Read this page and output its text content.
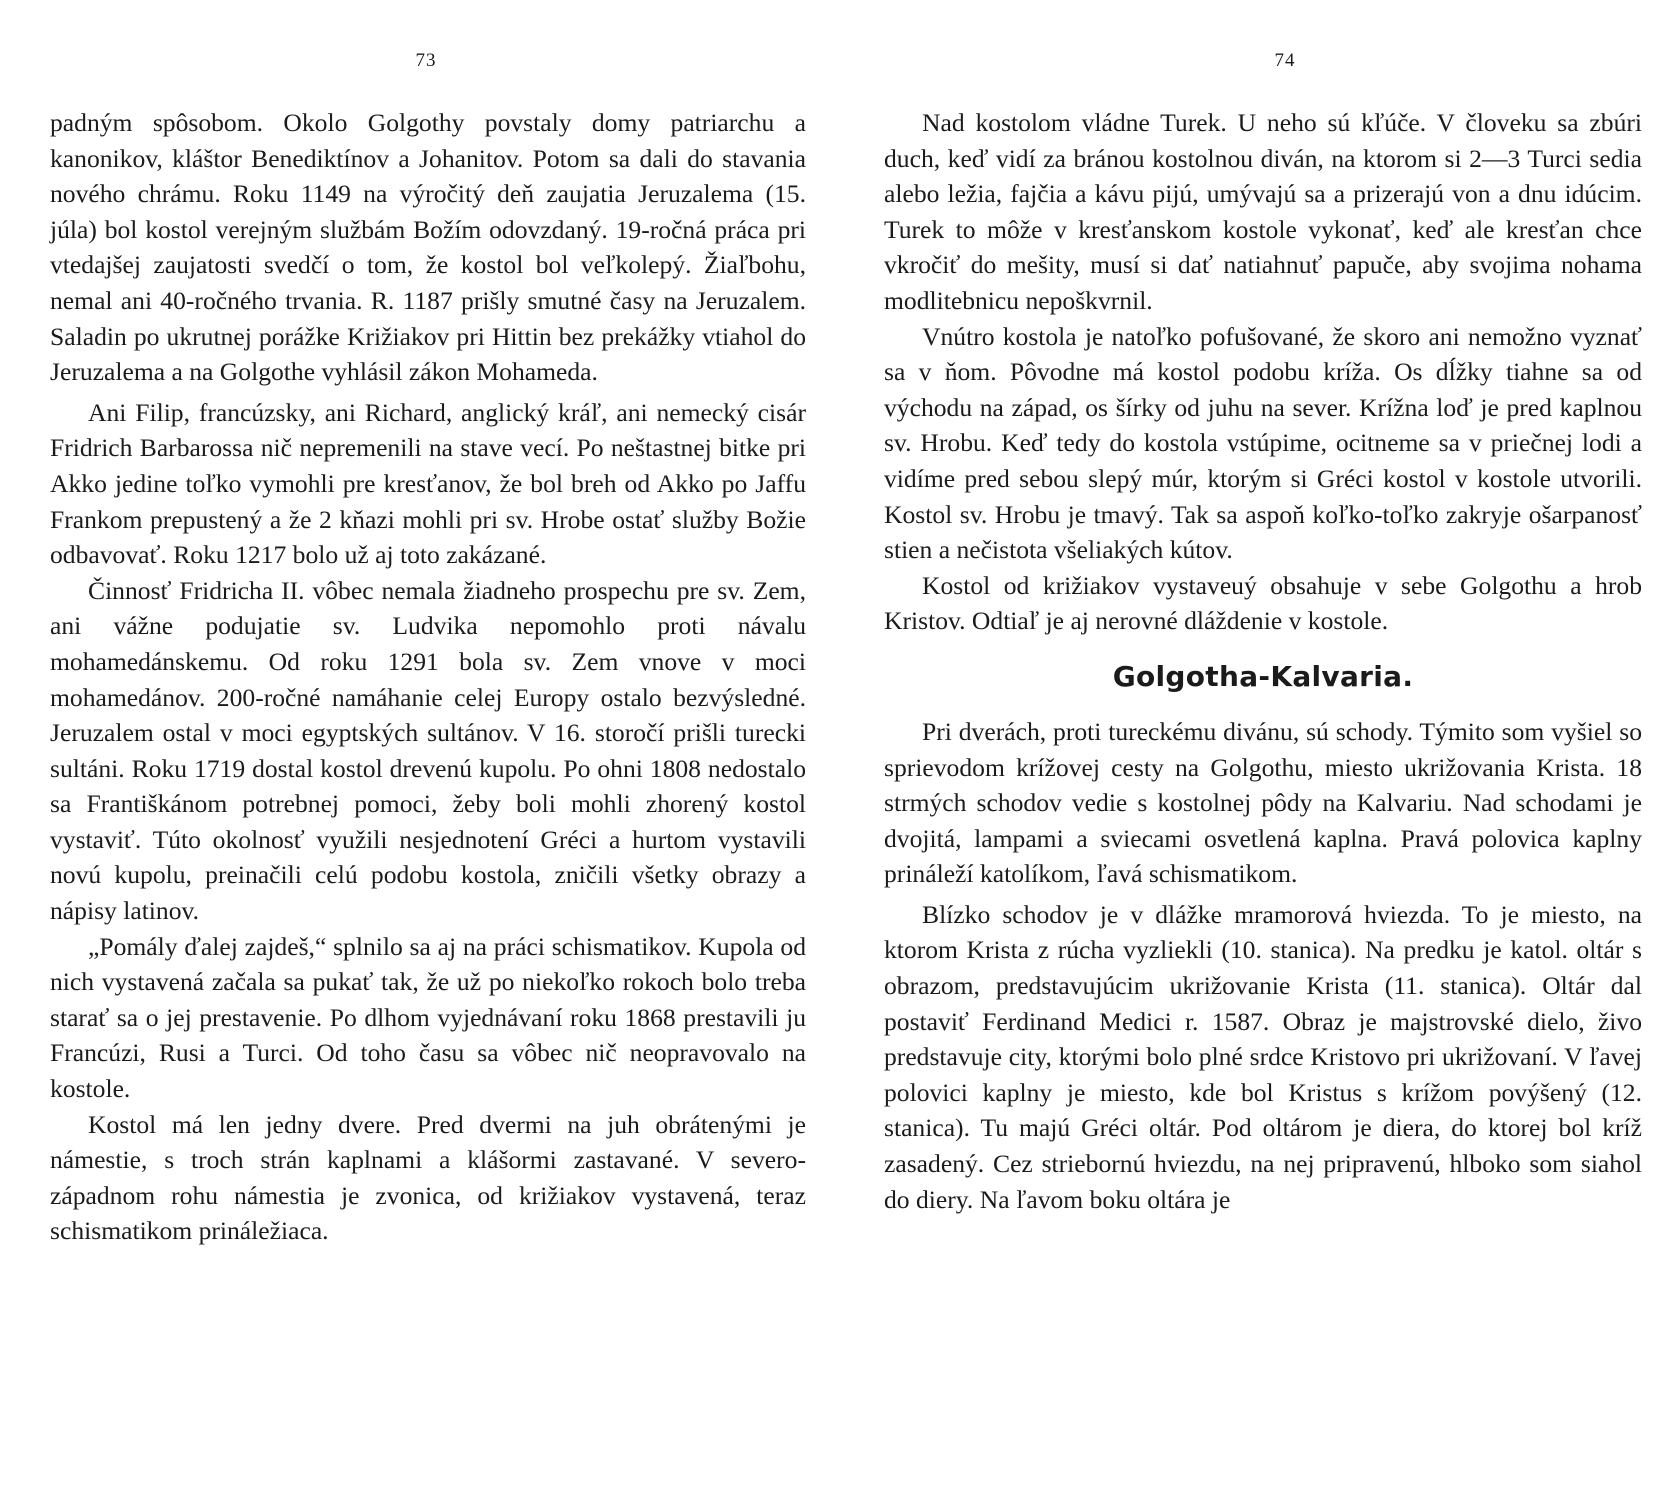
73

padným spôsobom. Okolo Golgothy povstaly domy patriarchu a kanonikov, kláštor Benediktínov a Johanitov. Potom sa dali do stavania nového chrámu. Roku 1149 na výročitý deň zaujatia Jeruzalema (15. júla) bol kostol verejným službám Božím odovzdaný. 19-ročná práca pri vtedajšej zaujatosti svedčí o tom, že kostol bol veľkolepý. Žiaľbohu, nemal ani 40-ročného trvania. R. 1187 prišly smutné časy na Jeruzalem. Saladin po ukrutnej porážke Križiakov pri Hittin bez prekážky vtiahol do Jeruzalema a na Golgothe vyhlásil zákon Mohameda.

Ani Filip, francúzsky, ani Richard, anglický kráľ, ani nemecký cisár Fridrich Barbarossa nič nepremenili na stave vecí. Po neštastnej bitke pri Akko jedine toľko vymohli pre kresťanov, že bol breh od Akko po Jaffu Frankom prepustený a že 2 kňazi mohli pri sv. Hrobe ostať služby Božie odbavovať. Roku 1217 bolo už aj toto zakázané.

Činnosť Fridricha II. vôbec nemala žiadneho prospechu pre sv. Zem, ani vážne podujatie sv. Ludvika nepomohlo proti návalu mohamedánskemu. Od roku 1291 bola sv. Zem vnove v moci mohamedánov. 200-ročné namáhanie celej Europy ostalo bezvýsledné. Jeruzalem ostal v moci egyptských sultánov. V 16. storočí prišli turecki sultáni. Roku 1719 dostal kostol drevenú kupolu. Po ohni 1808 nedostalo sa Františkánom potrebnej pomoci, žeby boli mohli zhorený kostol vystaviť. Túto okolnosť využili nesjednotení Gréci a hurtom vystavili novú kupolu, preinačili celú podobu kostola, zničili všetky obrazy a nápisy latinov.

„Pomály ďalej zajdeš,“ splnilo sa aj na práci schismatikov. Kupola od nich vystavená začala sa pukať tak, že už po niekoľko rokoch bolo treba starať sa o jej prestavenie. Po dlhom vyjednávaní roku 1868 prestavili ju Francúzi, Rusi a Turci. Od toho času sa vôbec nič neopravovalo na kostole.

Kostol má len jedny dvere. Pred dvermi na juh obrátenými je námestie, s troch strán kaplnami a klášormi zastavané. V severo-západnom rohu námestia je zvonica, od križiakov vystavená, teraz schismatikom prináležiaca.

74

Nad kostolom vládne Turek. U neho sú kľúče. V človeku sa zbúri duch, keď vidí za bránou kostolnou diván, na ktorom si 2—3 Turci sedia alebo ležia, fajčia a kávu pijú, umývajú sa a prizerajú von a dnu idúcim. Turek to môže v kresťanskom kostole vykonať, keď ale kresťan chce vkročiť do mešity, musí si dať natiahnuť papuče, aby svojima nohama modlitebnicu nepoškvrnil.

Vnútro kostola je natoľko pofušované, že skoro ani nemožno vyznať sa v ňom. Pôvodne má kostol podobu kríža. Os dĺžky tiahne sa od východu na západ, os šírky od juhu na sever. Krížna loď je pred kaplnou sv. Hrobu. Keď tedy do kostola vstúpime, ocitneme sa v priečnej lodi a vidíme pred sebou slepý múr, ktorým si Gréci kostol v kostole utvorili. Kostol sv. Hrobu je tmavý. Tak sa aspoň koľko-toľko zakryje ošarpanosť stien a nečistota všeliakých kútov.

Kostol od križiakov vystaveuý obsahuje v sebe Golgothu a hrob Kristov. Odtiaľ je aj nerovné dláždenie v kostole.

Golgotha-Kalvaria.

Pri dverách, proti tureckému divánu, sú schody. Týmito som vyšiel so sprievodom krížovej cesty na Golgothu, miesto ukrižovania Krista. 18 strmých schodov vedie s kostolnej pôdy na Kalvariu. Nad schodami je dvojitá, lampami a sviecami osvetlená kaplna. Pravá polovica kaplny prináleží katolíkom, ľavá schismatikom.

Blízko schodov je v dlážke mramorová hviezda. To je miesto, na ktorom Krista z rúcha vyzliekli (10. stanica). Na predku je katol. oltár s obrazom, predstavujúcim ukrižovanie Krista (11. stanica). Oltár dal postaviť Ferdinand Medici r. 1587. Obraz je majstrovské dielo, živo predstavuje city, ktorými bolo plné srdce Kristovo pri ukrižovaní. V ľavej polovici kaplny je miesto, kde bol Kristus s krížom povýšený (12. stanica). Tu majú Gréci oltár. Pod oltárom je diera, do ktorej bol kríž zasadený. Cez striebornú hviezdu, na nej pripravenú, hlboko som siahol do diery. Na ľavom boku oltára je
